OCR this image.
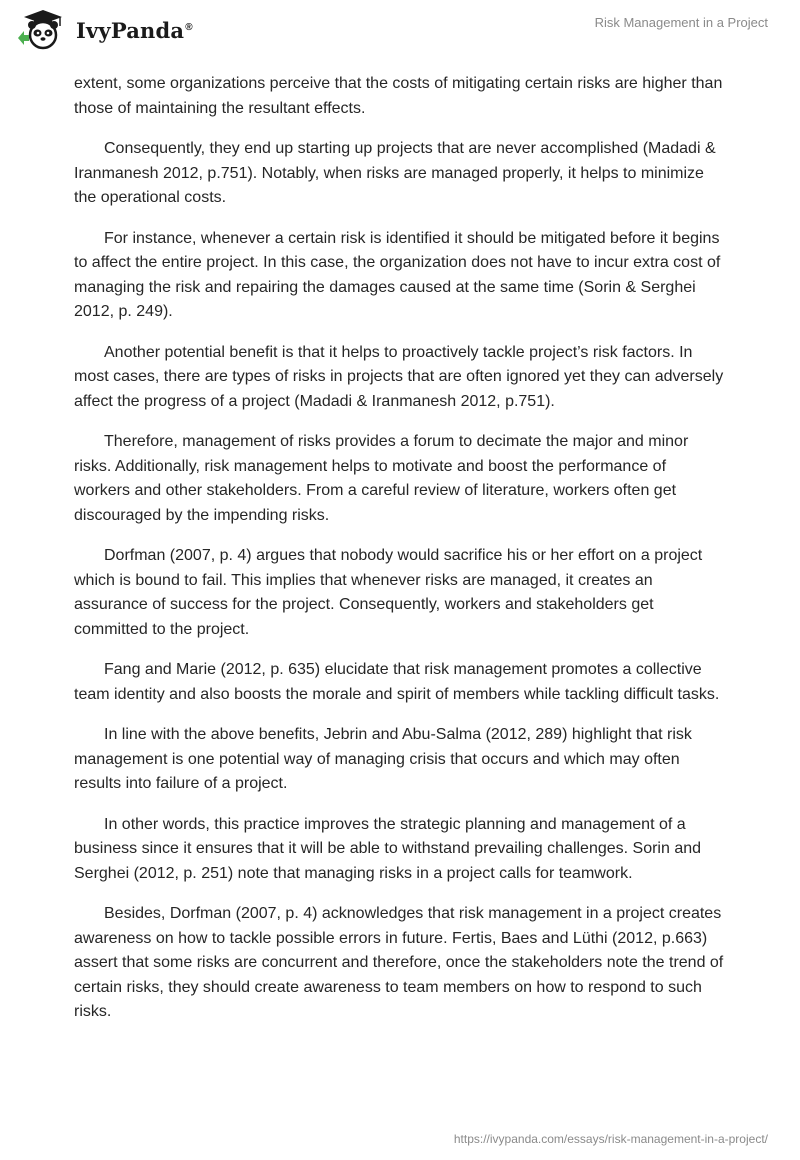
IvyPanda®	Risk Management in a Project

extent, some organizations perceive that the costs of mitigating certain risks are higher than those of maintaining the resultant effects.

Consequently, they end up starting up projects that are never accomplished (Madadi & Iranmanesh 2012, p.751). Notably, when risks are managed properly, it helps to minimize the operational costs.

For instance, whenever a certain risk is identified it should be mitigated before it begins to affect the entire project. In this case, the organization does not have to incur extra cost of managing the risk and repairing the damages caused at the same time (Sorin & Serghei 2012, p. 249).

Another potential benefit is that it helps to proactively tackle project’s risk factors. In most cases, there are types of risks in projects that are often ignored yet they can adversely affect the progress of a project (Madadi & Iranmanesh 2012, p.751).

Therefore, management of risks provides a forum to decimate the major and minor risks. Additionally, risk management helps to motivate and boost the performance of workers and other stakeholders. From a careful review of literature, workers often get discouraged by the impending risks.

Dorfman (2007, p. 4) argues that nobody would sacrifice his or her effort on a project which is bound to fail. This implies that whenever risks are managed, it creates an assurance of success for the project. Consequently, workers and stakeholders get committed to the project.

Fang and Marie (2012, p. 635) elucidate that risk management promotes a collective team identity and also boosts the morale and spirit of members while tackling difficult tasks.

In line with the above benefits, Jebrin and Abu-Salma (2012, 289) highlight that risk management is one potential way of managing crisis that occurs and which may often results into failure of a project.

In other words, this practice improves the strategic planning and management of a business since it ensures that it will be able to withstand prevailing challenges. Sorin and Serghei (2012, p. 251) note that managing risks in a project calls for teamwork.

Besides, Dorfman (2007, p. 4) acknowledges that risk management in a project creates awareness on how to tackle possible errors in future. Fertis, Baes and Lüthi (2012, p.663) assert that some risks are concurrent and therefore, once the stakeholders note the trend of certain risks, they should create awareness to team members on how to respond to such risks.

https://ivypanda.com/essays/risk-management-in-a-project/
